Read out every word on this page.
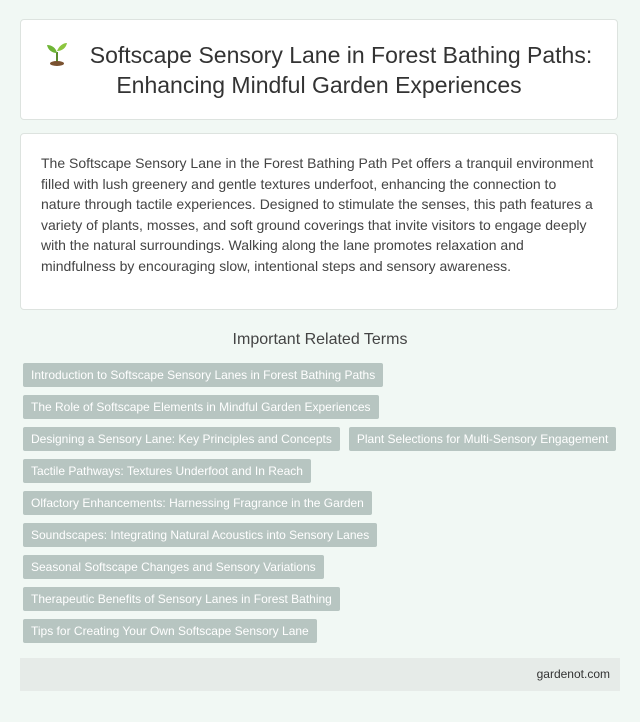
Softscape Sensory Lane in Forest Bathing Paths: Enhancing Mindful Garden Experiences

The Softscape Sensory Lane in the Forest Bathing Path Pet offers a tranquil environment filled with lush greenery and gentle textures underfoot, enhancing the connection to nature through tactile experiences. Designed to stimulate the senses, this path features a variety of plants, mosses, and soft ground coverings that invite visitors to engage deeply with the natural surroundings. Walking along the lane promotes relaxation and mindfulness by encouraging slow, intentional steps and sensory awareness.

Important Related Terms
Introduction to Softscape Sensory Lanes in Forest Bathing Paths
The Role of Softscape Elements in Mindful Garden Experiences
Designing a Sensory Lane: Key Principles and Concepts	Plant Selections for Multi-Sensory Engagement
Tactile Pathways: Textures Underfoot and In Reach
Olfactory Enhancements: Harnessing Fragrance in the Garden
Soundscapes: Integrating Natural Acoustics into Sensory Lanes
Seasonal Softscape Changes and Sensory Variations
Therapeutic Benefits of Sensory Lanes in Forest Bathing
Tips for Creating Your Own Softscape Sensory Lane
gardenot.com
